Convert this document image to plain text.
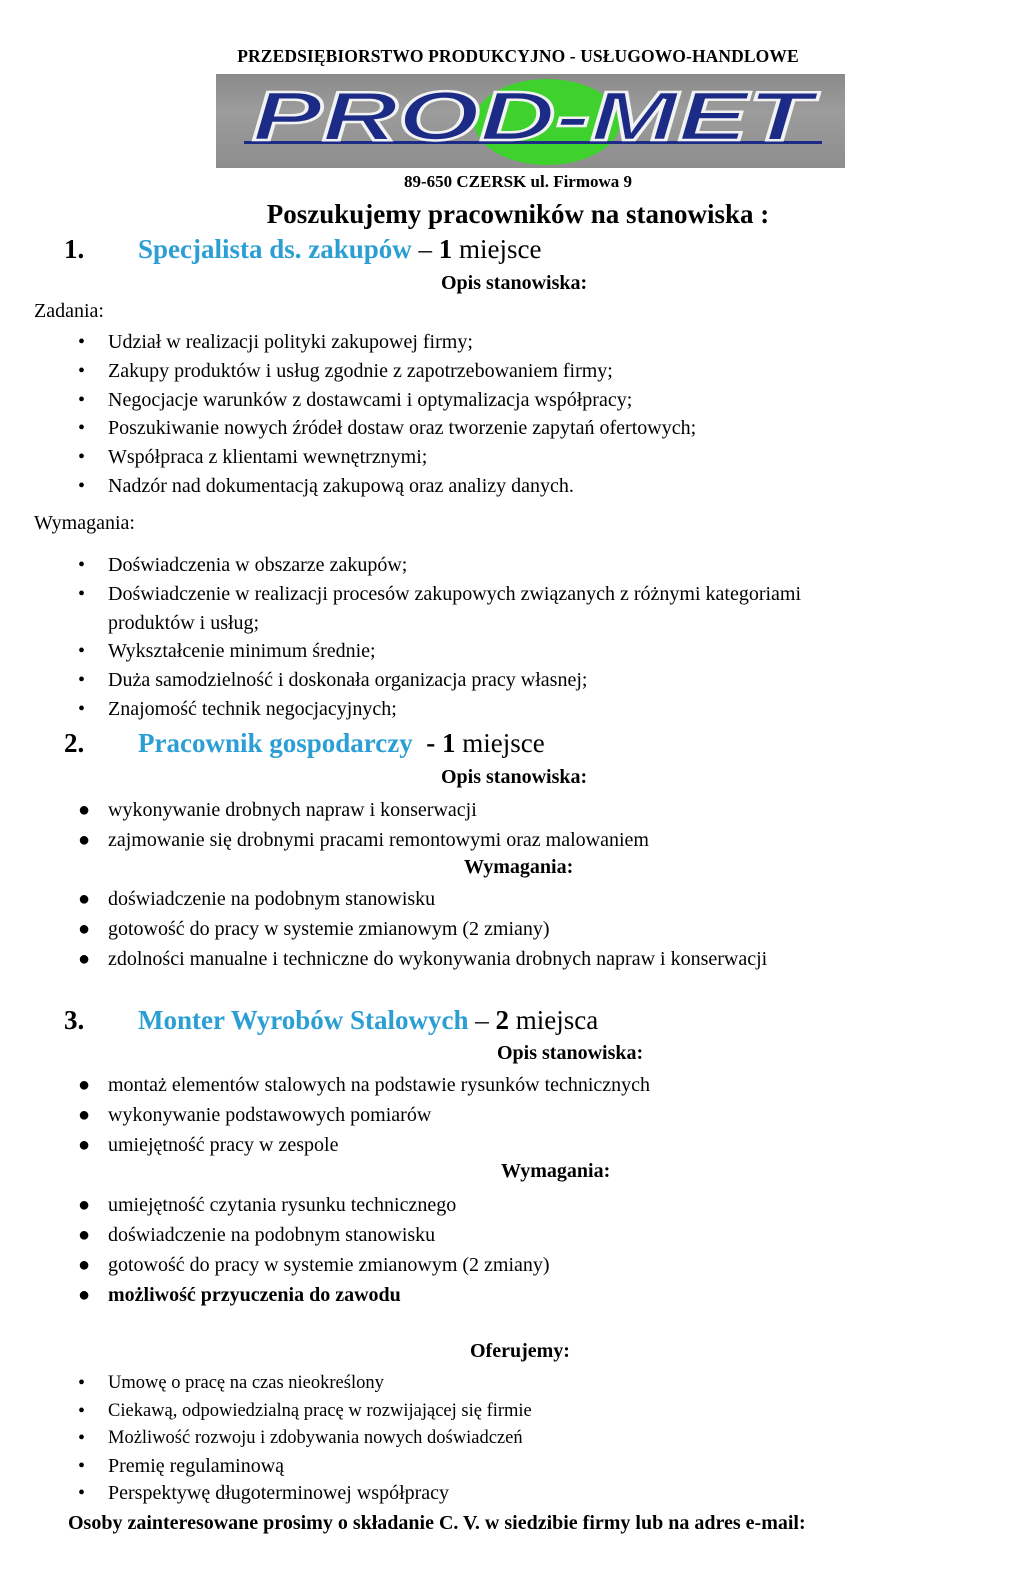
PRZEDSIĘBIORSTWO PRODUKCYJNO - USŁUGOWO-HANDLOWE
PROD-MET
89-650 CZERSK ul. Firmowa 9
Poszukujemy pracowników na stanowiska :
1. Specjalista ds. zakupów – 1 miejsce
Opis stanowiska:
Zadania:
• Udział w realizacji polityki zakupowej firmy;
• Zakupy produktów i usług zgodnie z zapotrzebowaniem firmy;
• Negocjacje warunków z dostawcami i optymalizacja współpracy;
• Poszukiwanie nowych źródeł dostaw oraz tworzenie zapytań ofertowych;
• Współpraca z klientami wewnętrznymi;
• Nadzór nad dokumentacją zakupową oraz analizy danych.
Wymagania:
• Doświadczenia w obszarze zakupów;
• Doświadczenie w realizacji procesów zakupowych związanych z różnymi kategoriami
produktów i usług;
• Wykształcenie minimum średnie;
• Duża samodzielność i doskonała organizacja pracy własnej;
• Znajomość technik negocjacyjnych;
2. Pracownik gospodarczy  - 1 miejsce
Opis stanowiska:
● wykonywanie drobnych napraw i konserwacji
● zajmowanie się drobnymi pracami remontowymi oraz malowaniem
Wymagania:
● doświadczenie na podobnym stanowisku
● gotowość do pracy w systemie zmianowym (2 zmiany)
● zdolności manualne i techniczne do wykonywania drobnych napraw i konserwacji
3. Monter Wyrobów Stalowych – 2 miejsca
Opis stanowiska:
● montaż elementów stalowych na podstawie rysunków technicznych
● wykonywanie podstawowych pomiarów
● umiejętność pracy w zespole
Wymagania:
● umiejętność czytania rysunku technicznego
● doświadczenie na podobnym stanowisku
● gotowość do pracy w systemie zmianowym (2 zmiany)
● możliwość przyuczenia do zawodu
Oferujemy:
• Umowę o pracę na czas nieokreślony
• Ciekawą, odpowiedzialną pracę w rozwijającej się firmie
• Możliwość rozwoju i zdobywania nowych doświadczeń
• Premię regulaminową
• Perspektywę długoterminowej współpracy
Osoby zainteresowane prosimy o składanie C. V. w siedzibie firmy lub na adres e-mail:
